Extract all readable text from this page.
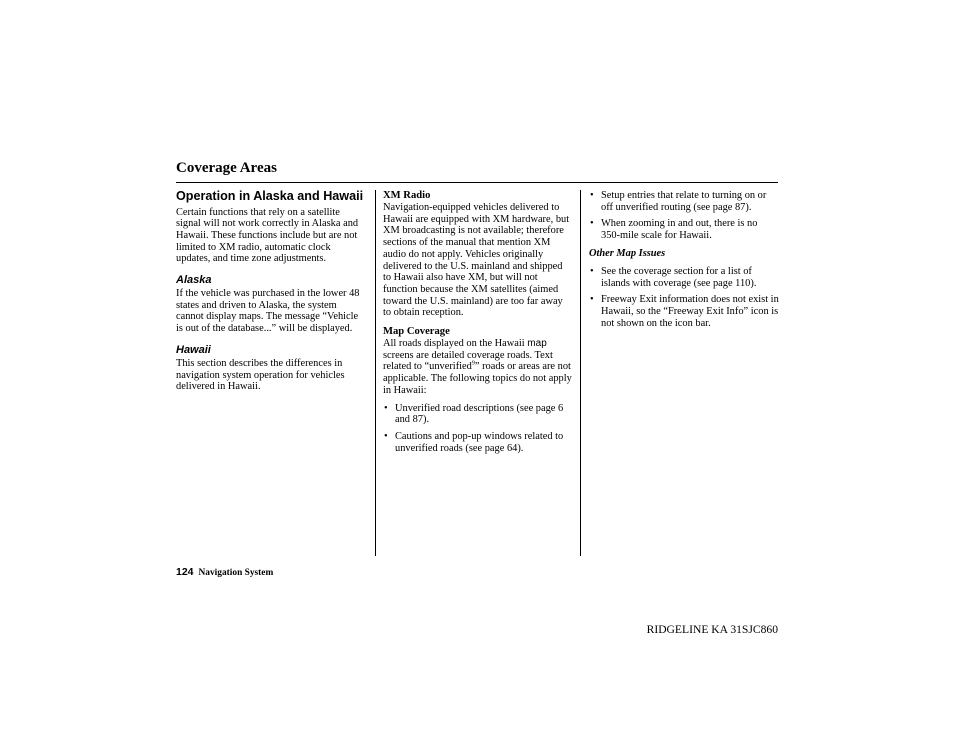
Coverage Areas
Operation in Alaska and Hawaii

Certain functions that rely on a satellite signal will not work correctly in Alaska and Hawaii. These functions include but are not limited to XM radio, automatic clock updates, and time zone adjustments.

Alaska

If the vehicle was purchased in the lower 48 states and driven to Alaska, the system cannot display maps. The message “Vehicle is out of the database...” will be displayed.

Hawaii

This section describes the differences in navigation system operation for vehicles delivered in Hawaii.

XM Radio

Navigation-equipped vehicles delivered to Hawaii are equipped with XM hardware, but XM broadcasting is not available; therefore sections of the manual that mention XM audio do not apply. Vehicles originally delivered to the U.S. mainland and shipped to Hawaii also have XM, but will not function because the XM satellites (aimed toward the U.S. mainland) are too far away to obtain reception.

Map Coverage

All roads displayed on the Hawaii map screens are detailed coverage roads. Text related to “unverified$^9$” roads or areas are not applicable. The following topics do not apply in Hawaii:

• Unverified road descriptions (see page 6 and 87).
• Cautions and pop-up windows related to unverified roads (see page 64).
• Setup entries that relate to turning on or off unverified routing (see page 87).
• When zooming in and out, there is no 350-mile scale for Hawaii.
Other Map Issues
• See the coverage section for a list of islands with coverage (see page 110).
• Freeway Exit information does not exist in Hawaii, so the “Freeway Exit Info” icon is not shown on the icon bar.
124 Navigation System
RIDGELINE KA 31SJC860
